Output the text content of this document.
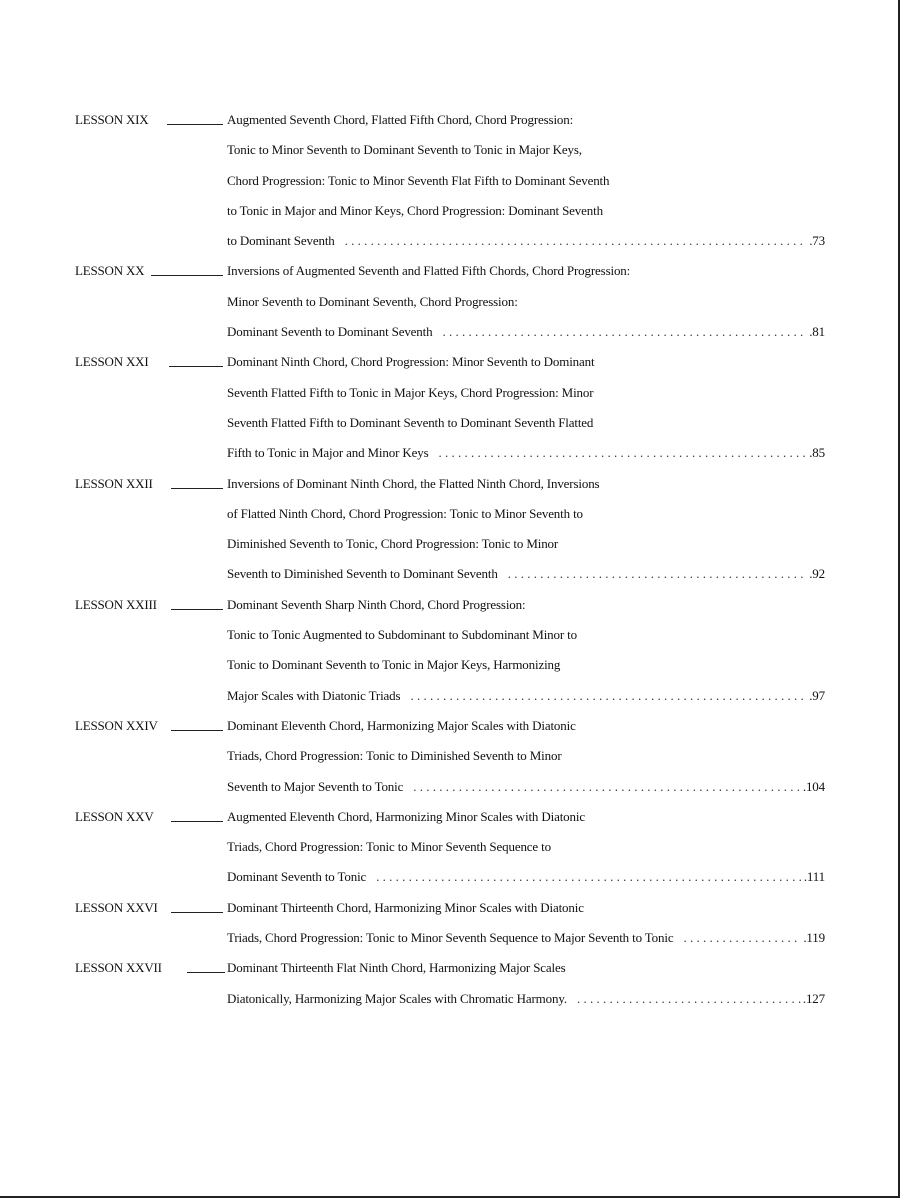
LESSON XIX	Augmented Seventh Chord, Flatted Fifth Chord, Chord Progression:
Tonic to Minor Seventh to Dominant Seventh to Tonic in Major Keys,
Chord Progression: Tonic to Minor Seventh Flat Fifth to Dominant Seventh
to Tonic in Major and Minor Keys, Chord Progression: Dominant Seventh
to Dominant Seventh . . .	.73
LESSON XX	Inversions of Augmented Seventh and Flatted Fifth Chords, Chord Progression:
Minor Seventh to Dominant Seventh, Chord Progression:
Dominant Seventh to Dominant Seventh . . .	.81
LESSON XXI	Dominant Ninth Chord, Chord Progression: Minor Seventh to Dominant
Seventh Flatted Fifth to Tonic in Major Keys, Chord Progression: Minor
Seventh Flatted Fifth to Dominant Seventh to Dominant Seventh Flatted
Fifth to Tonic in Major and Minor Keys . . .	.85
LESSON XXII	Inversions of Dominant Ninth Chord, the Flatted Ninth Chord, Inversions
of Flatted Ninth Chord, Chord Progression: Tonic to Minor Seventh to
Diminished Seventh to Tonic, Chord Progression: Tonic to Minor
Seventh to Diminished Seventh to Dominant Seventh . . .	.92
LESSON XXIII	Dominant Seventh Sharp Ninth Chord, Chord Progression:
Tonic to Tonic Augmented to Subdominant to Subdominant Minor to
Tonic to Dominant Seventh to Tonic in Major Keys, Harmonizing
Major Scales with Diatonic Triads . . .	.97
LESSON XXIV	Dominant Eleventh Chord, Harmonizing Major Scales with Diatonic
Triads, Chord Progression: Tonic to Diminished Seventh to Minor
Seventh to Major Seventh to Tonic . . .	.104
LESSON XXV	Augmented Eleventh Chord, Harmonizing Minor Scales with Diatonic
Triads, Chord Progression: Tonic to Minor Seventh Sequence to
Dominant Seventh to Tonic . . .	.111
LESSON XXVI	Dominant Thirteenth Chord, Harmonizing Minor Scales with Diatonic
Triads, Chord Progression: Tonic to Minor Seventh Sequence to Major Seventh to Tonic . . .	.119
LESSON XXVII	Dominant Thirteenth Flat Ninth Chord, Harmonizing Major Scales
Diatonically, Harmonizing Major Scales with Chromatic Harmony. . . .	.127
